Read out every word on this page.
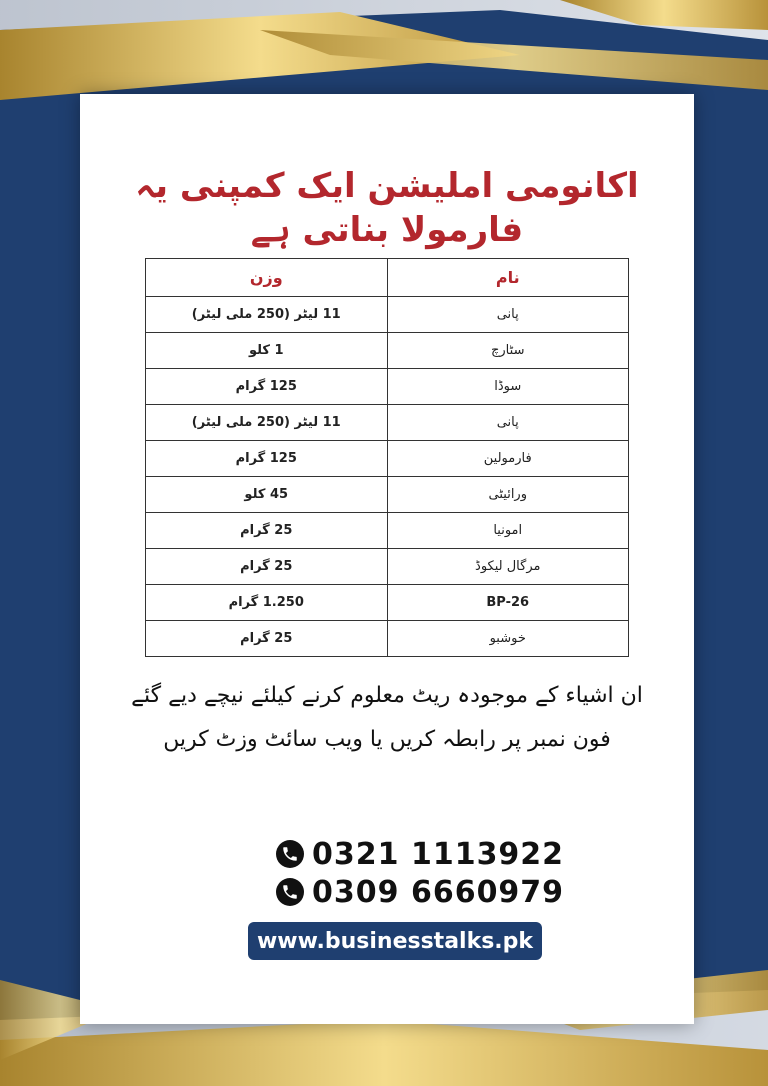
اکانومی املیشن ایک کمپنی یہ فارمولا بناتی ہے
نام	وزن
پانی	11 لیٹر (250 ملی لیٹر)
سٹارچ	1 کلو
سوڈا	125 گرام
پانی	11 لیٹر (250 ملی لیٹر)
فارمولین	125 گرام
ورائیٹی	45 کلو
امونیا	25 گرام
مرگال لیکوڈ	25 گرام
BP-26	1.250 گرام
خوشبو	25 گرام
ان اشیاء کے موجودہ ریٹ معلوم کرنے کیلئے نیچے دیے گئے فون نمبر پر رابطہ کریں یا ویب سائٹ وزٹ کریں
0321 1113922
0309 6660979
www.businesstalks.pk
